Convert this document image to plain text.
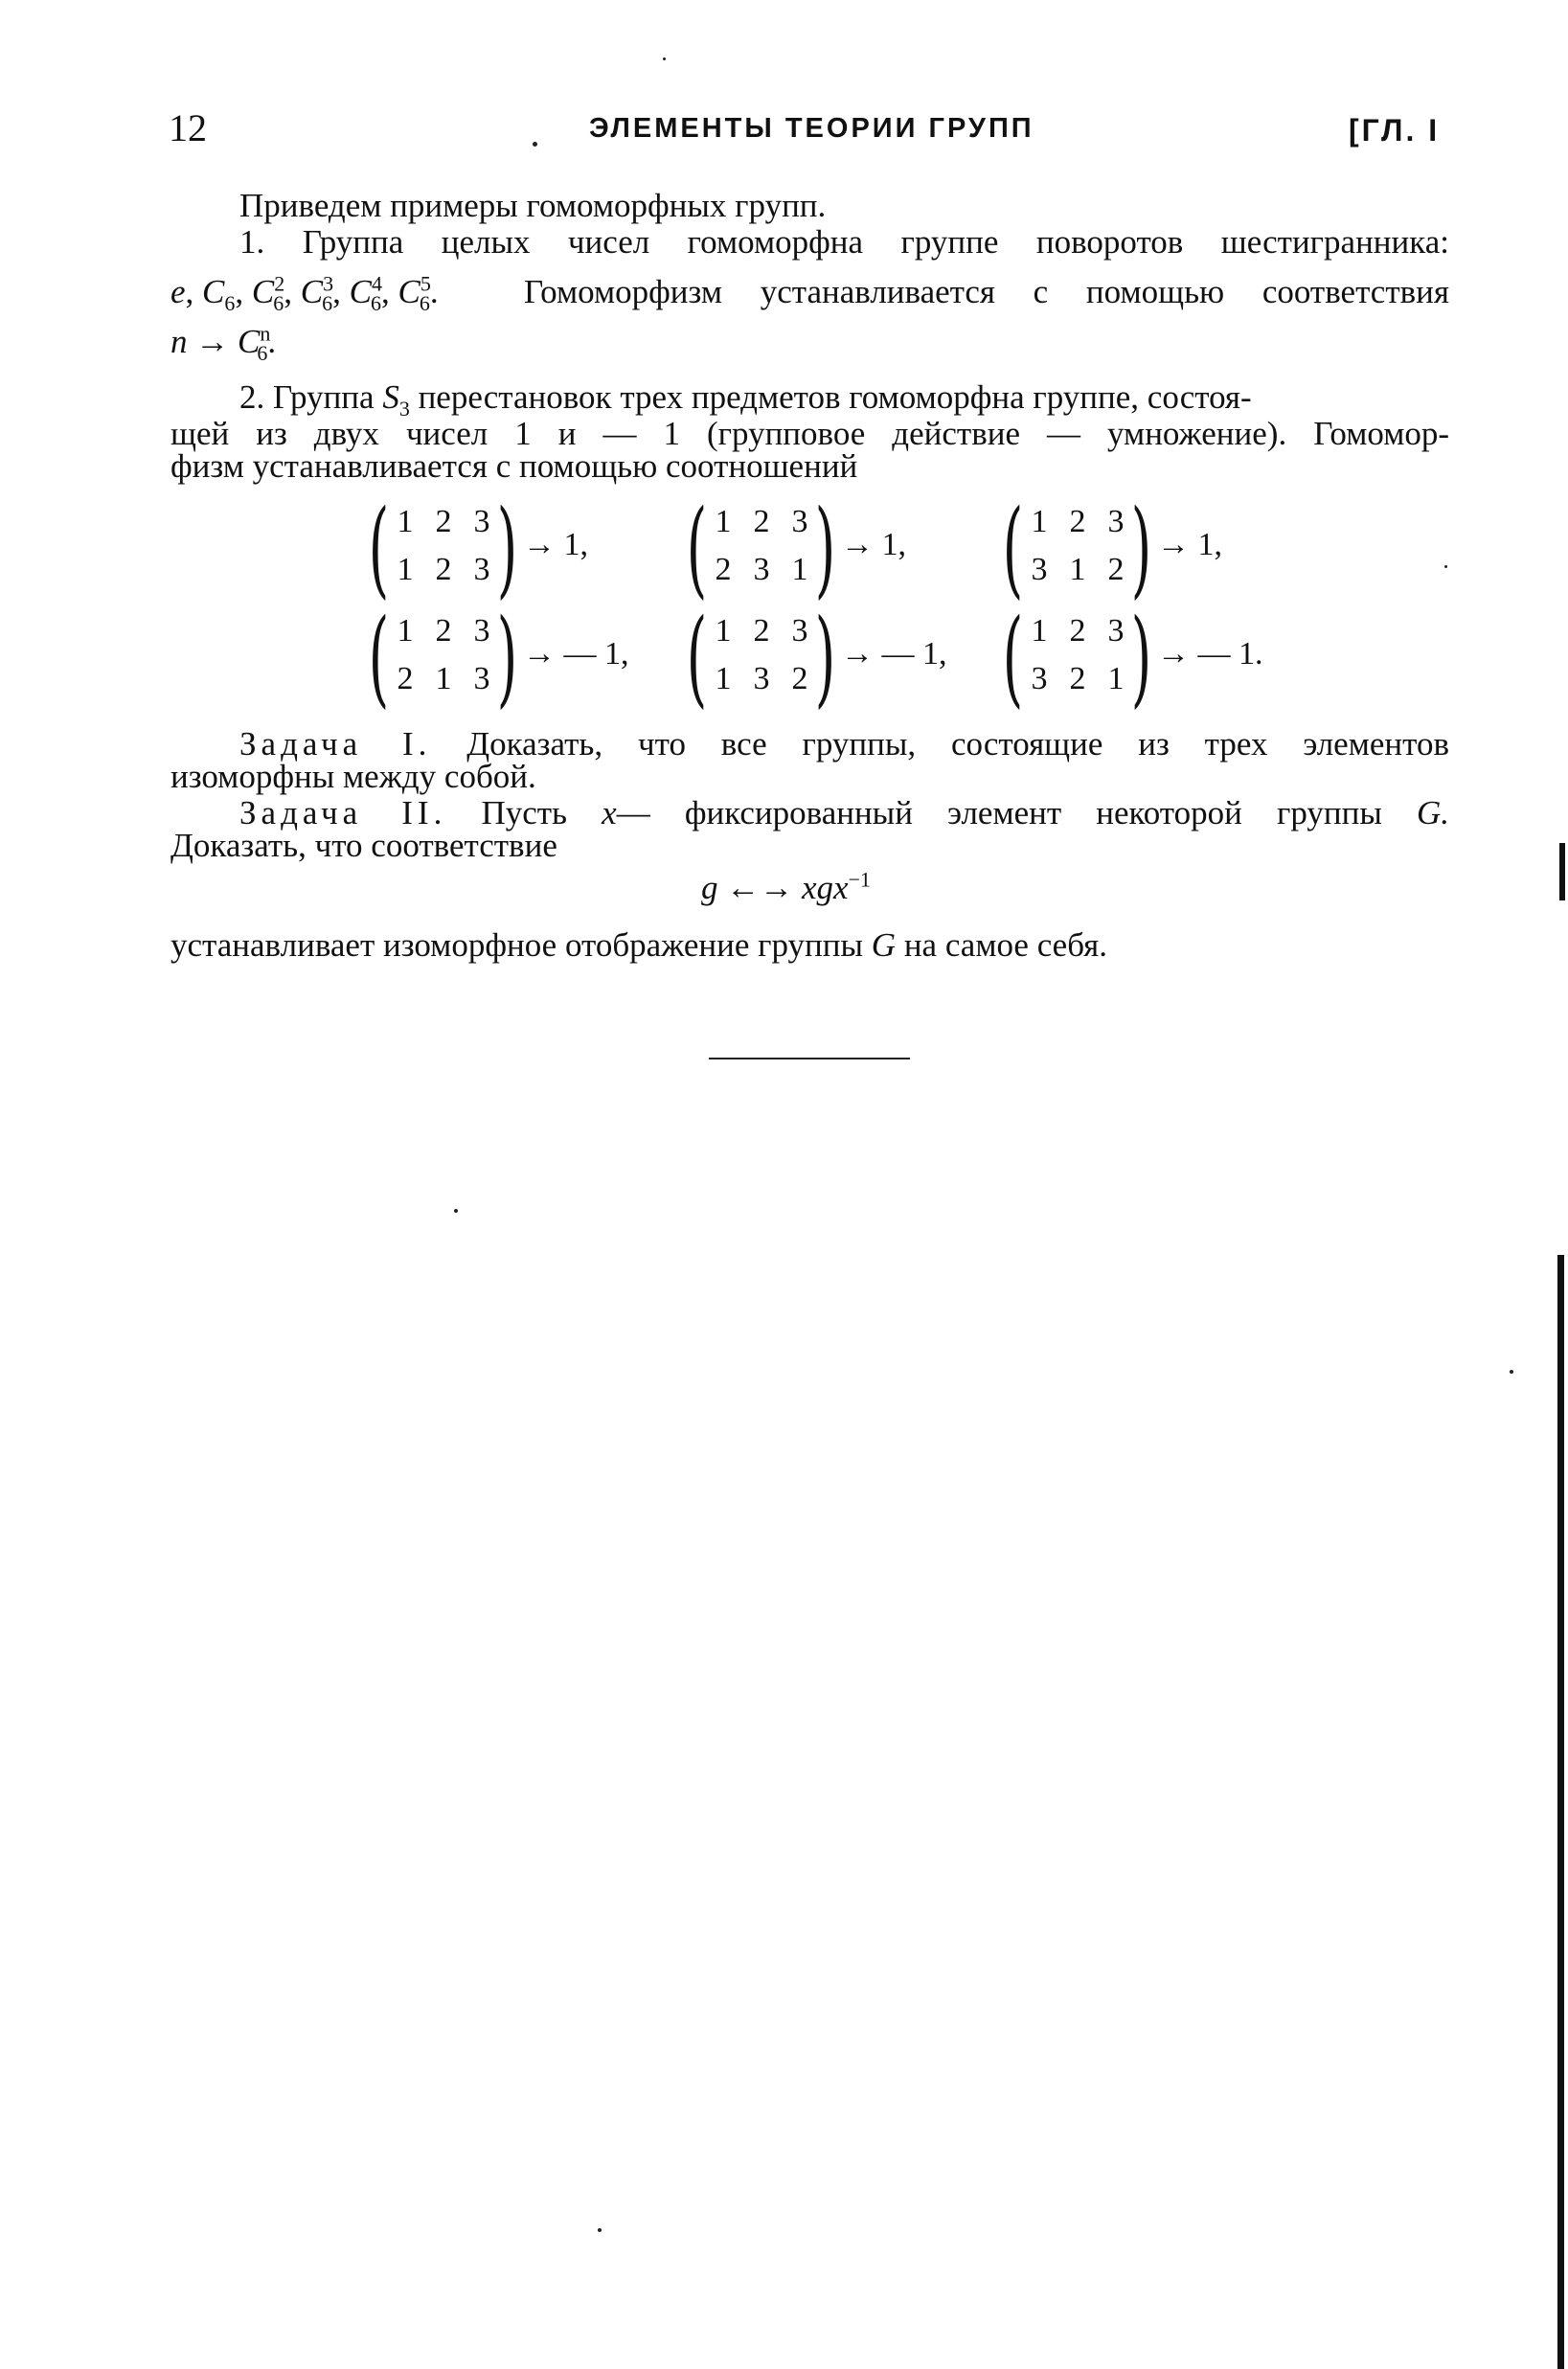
12	ЭЛЕМЕНТЫ ТЕОРИИ ГРУПП	[ГЛ. I
Приведем примеры гомоморфных групп.
1. Группа целых чисел гомоморфна группе поворотов шестигранника:
e, $C_6$, $C^2_6$, $C^3_6$, $C^4_6$, $C^5_6$.	Гомоморфизм устанавливается с помощью соответствия
$n \to C^n_6$.
2. Группа $S_3$ перестановок трех предметов гомоморфна группе, состоя-
щей из двух чисел 1 и — 1 (групповое действие — умножение). Гомомор-
физм устанавливается с помощью соотношений
( )
1 2 3
1 2 3
→ 1, ( )
1 2 3
2 3 1
→ 1, ( )
1 2 3
3 1 2
→ 1,
( )
1 2 3
2 1 3
→ — 1, ( )
1 2 3
1 3 2
→ — 1, ( )
1 2 3
3 2 1
→ — 1.
Задача I. Доказать, что все группы, состоящие из трех элементов
изоморфны между собой.
Задача II. Пусть x— фиксированный элемент некоторой группы G.
Доказать, что соответствие
g ←→ xgx$^{-1}$
устанавливает изоморфное отображение группы G на самое себя.
